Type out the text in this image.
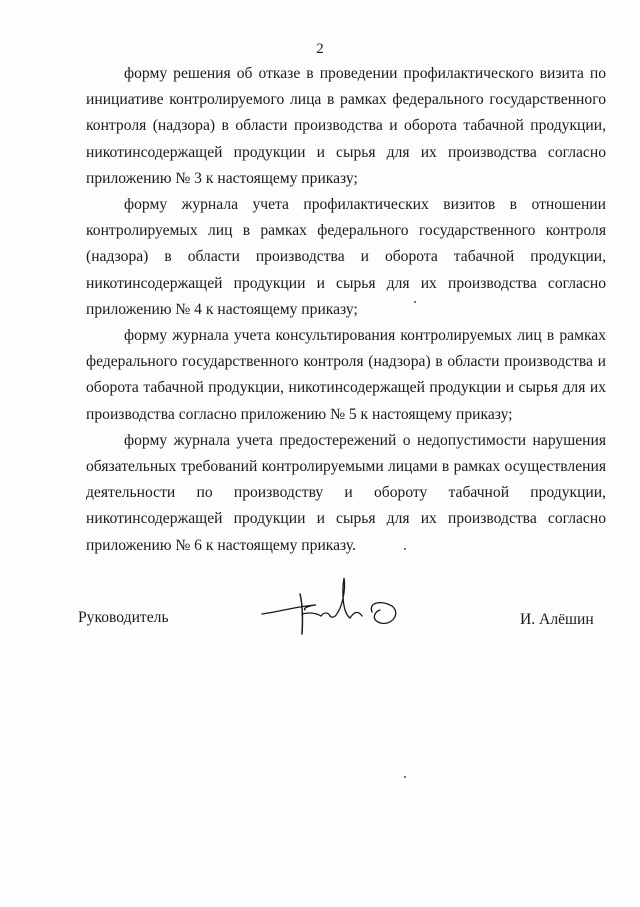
2

форму решения об отказе в проведении профилактического визита по инициативе контролируемого лица в рамках федерального государственного контроля (надзора) в области производства и оборота табачной продукции, никотинсодержащей продукции и сырья для их производства согласно приложению № 3 к настоящему приказу;

форму журнала учета профилактических визитов в отношении контролируемых лиц в рамках федерального государственного контроля (надзора) в области производства и оборота табачной продукции, никотинсодержащей продукции и сырья для их производства согласно приложению № 4 к настоящему приказу;

форму журнала учета консультирования контролируемых лиц в рамках федерального государственного контроля (надзора) в области производства и оборота табачной продукции, никотинсодержащей продукции и сырья для их производства согласно приложению № 5 к настоящему приказу;

форму журнала учета предостережений о недопустимости нарушения обязательных требований контролируемыми лицами в рамках осуществления деятельности по производству и обороту табачной продукции, никотинсодержащей продукции и сырья для их производства согласно приложению № 6 к настоящему приказу.

Руководитель	И. Алёшин
